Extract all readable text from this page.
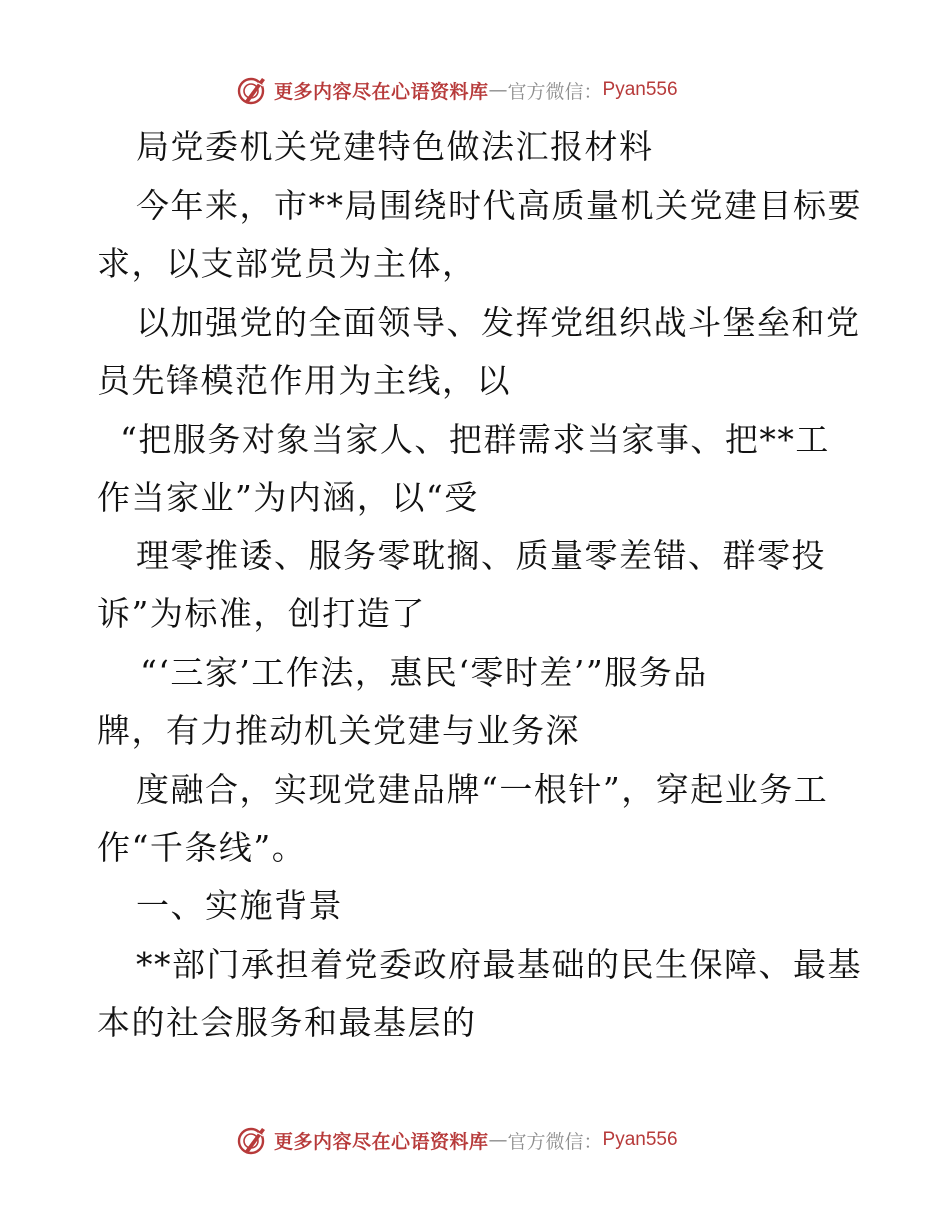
更多内容尽在心语资料库 — 官方微信： Pyan556
局党委机关党建特色做法汇报材料
今年来，市**局围绕时代高质量机关党建目标要
求，以支部党员为主体，
以加强党的全面领导、发挥党组织战斗堡垒和党
员先锋模范作用为主线，以
“把服务对象当家人、把群需求当家事、把**工
作当家业”为内涵，以“受
理零推诿、服务零耽搁、质量零差错、群零投
诉”为标准，创打造了
“‘三家’工作法，惠民‘零时差’”服务品
牌，有力推动机关党建与业务深
度融合，实现党建品牌“一根针”，穿起业务工
作“千条线”。
一、实施背景
**部门承担着党委政府最基础的民生保障、最基
本的社会服务和最基层的
更多内容尽在心语资料库 — 官方微信： Pyan556
